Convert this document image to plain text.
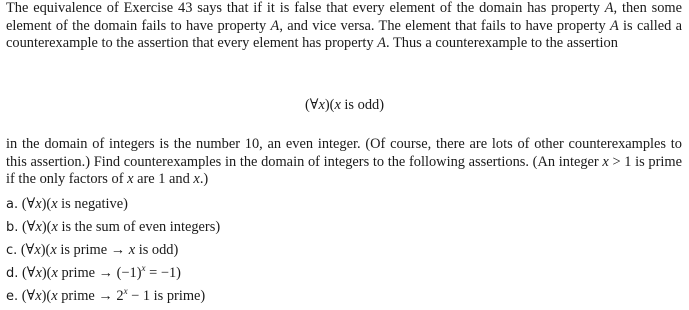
The equivalence of Exercise 43 says that if it is false that every element of the domain has property A, then some element of the domain fails to have property A, and vice versa. The element that fails to have property A is called a counterexample to the assertion that every element has property A. Thus a counterexample to the assertion

(∀x)(x is odd)

in the domain of integers is the number 10, an even integer. (Of course, there are lots of other counterexamples to this assertion.) Find counterexamples in the domain of integers to the following assertions. (An integer x > 1 is prime if the only factors of x are 1 and x.)

a. (∀x)(x is negative)
b. (∀x)(x is the sum of even integers)
c. (∀x)(x is prime → x is odd)
d. (∀x)(x prime → $(-1)^x = -1$)
e. (∀x)(x prime → $2^x - 1$ is prime)
